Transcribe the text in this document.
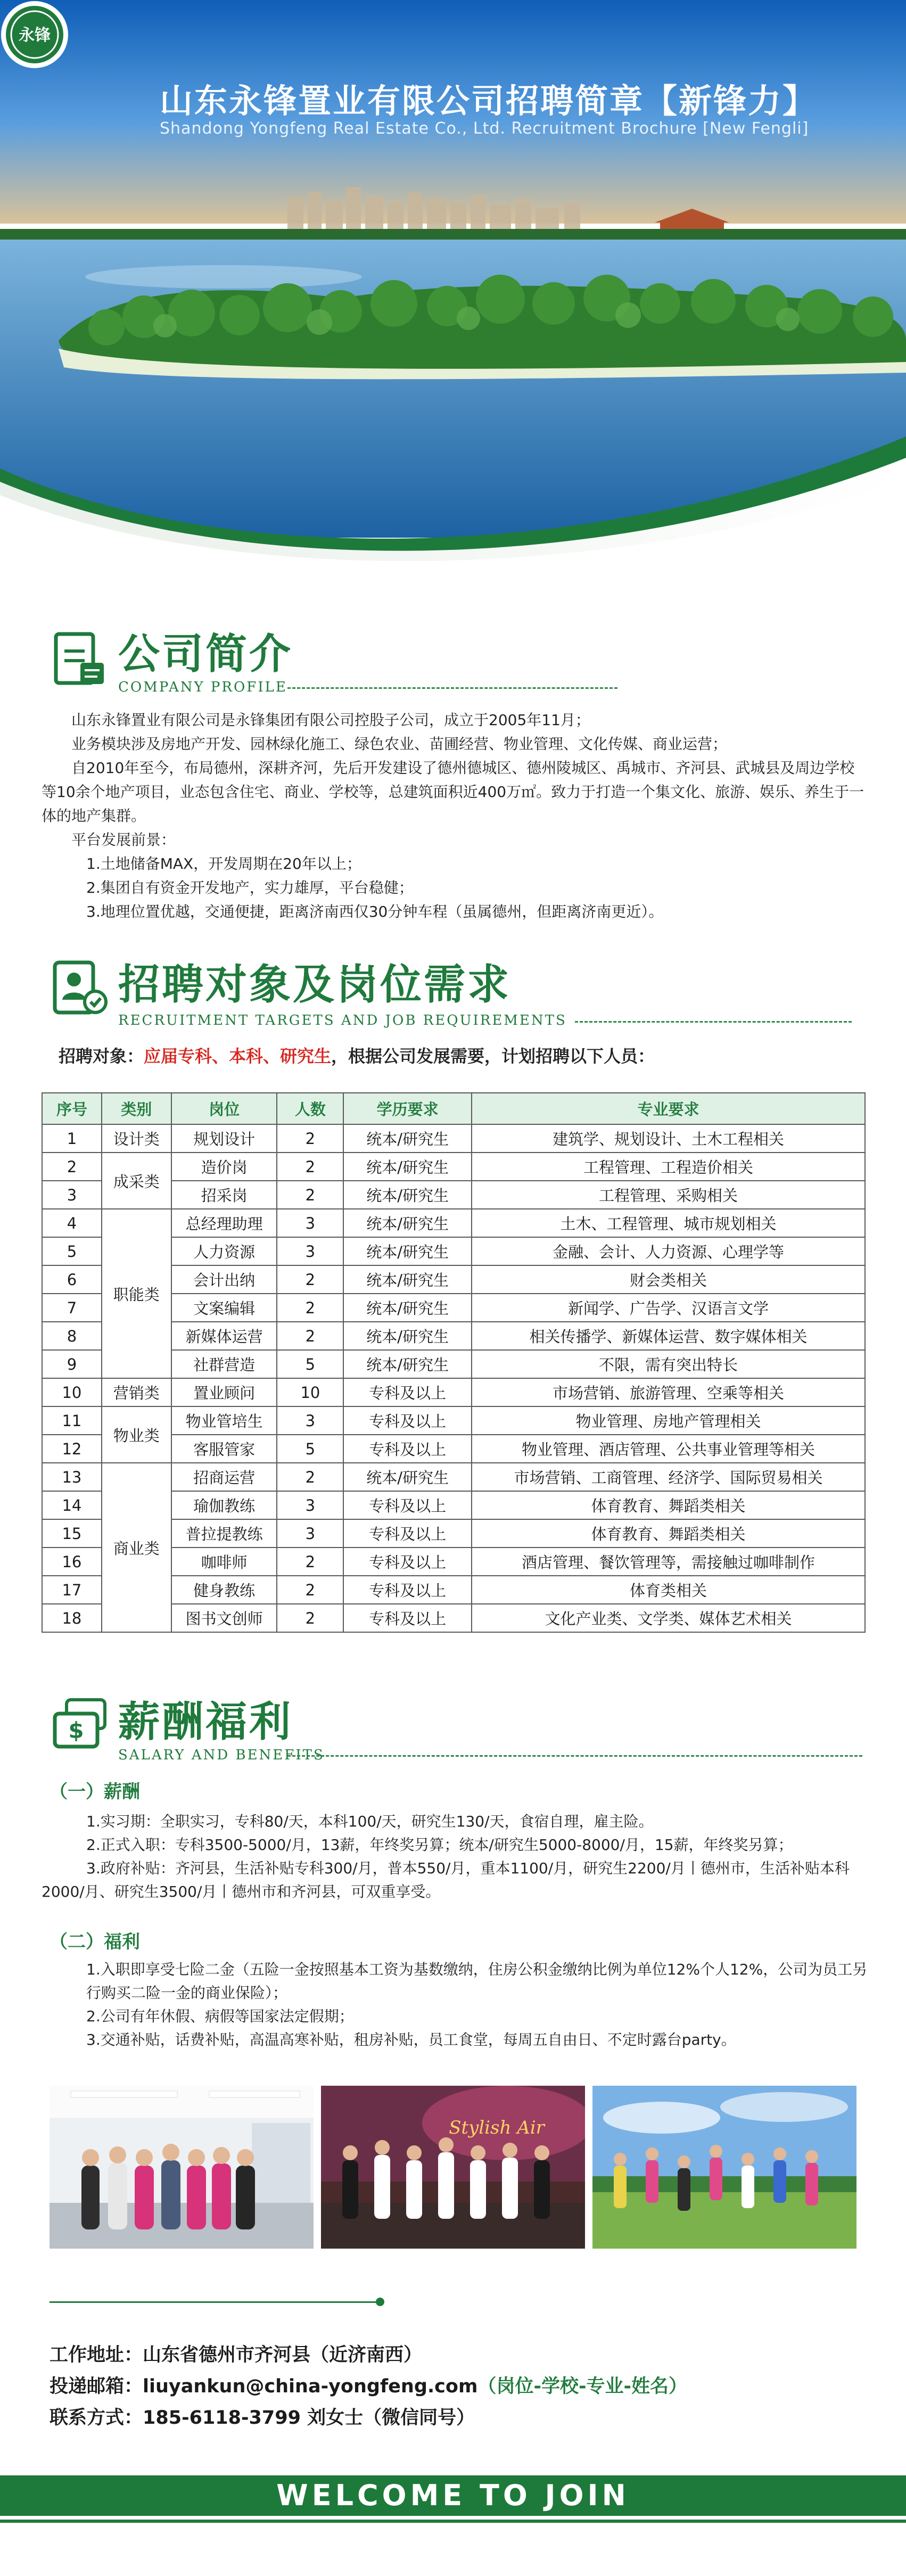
永锋
山东永锋置业有限公司招聘简章【新锋力】
Shandong Yongfeng Real Estate Co., Ltd. Recruitment Brochure [New Fengli]
公司简介
COMPANY PROFILE

山东永锋置业有限公司是永锋集团有限公司控股子公司，成立于2005年11月；

业务模块涉及房地产开发、园林绿化施工、绿色农业、苗圃经营、物业管理、文化传媒、商业运营；

自2010年至今，布局德州，深耕齐河，先后开发建设了德州德城区、德州陵城区、禹城市、齐河县、武城县及周边学校等10余个地产项目，业态包含住宅、商业、学校等，总建筑面积近400万㎡。致力于打造一个集文化、旅游、娱乐、养生于一体的地产集群。

平台发展前景：

1.土地储备MAX，开发周期在20年以上；

2.集团自有资金开发地产，实力雄厚，平台稳健；

3.地理位置优越，交通便捷，距离济南西仅30分钟车程（虽属德州，但距离济南更近）。

招聘对象及岗位需求
RECRUITMENT TARGETS AND JOB REQUIREMENTS
招聘对象：应届专科、本科、研究生，根据公司发展需要，计划招聘以下人员：
序号	类别	岗位	人数	学历要求	专业要求
1	设计类	规划设计	2	统本/研究生	建筑学、规划设计、土木工程相关
2	成采类	造价岗	2	统本/研究生	工程管理、工程造价相关
3		招采岗	2	统本/研究生	工程管理、采购相关
4	职能类	总经理助理	3	统本/研究生	土木、工程管理、城市规划相关
5		人力资源	3	统本/研究生	金融、会计、人力资源、心理学等
6		会计出纳	2	统本/研究生	财会类相关
7		文案编辑	2	统本/研究生	新闻学、广告学、汉语言文学
8		新媒体运营	2	统本/研究生	相关传播学、新媒体运营、数字媒体相关
9		社群营造	5	统本/研究生	不限，需有突出特长
10	营销类	置业顾问	10	专科及以上	市场营销、旅游管理、空乘等相关
11	物业类	物业管培生	3	专科及以上	物业管理、房地产管理相关
12		客服管家	5	专科及以上	物业管理、酒店管理、公共事业管理等相关
13	商业类	招商运营	2	统本/研究生	市场营销、工商管理、经济学、国际贸易相关
14		瑜伽教练	3	专科及以上	体育教育、舞蹈类相关
15		普拉提教练	3	专科及以上	体育教育、舞蹈类相关
16		咖啡师	2	专科及以上	酒店管理、餐饮管理等，需接触过咖啡制作
17		健身教练	2	专科及以上	体育类相关
18		图书文创师	2	专科及以上	文化产业类、文学类、媒体艺术相关
$ 薪酬福利
SALARY AND BENEFITS
（一）薪酬

1.实习期：全职实习，专科80/天，本科100/天，研究生130/天，食宿自理，雇主险。

2.正式入职：专科3500-5000/月，13薪，年终奖另算；统本/研究生5000-8000/月，15薪，年终奖另算；

3.政府补贴：齐河县，生活补贴专科300/月，普本550/月，重本1100/月，研究生2200/月丨德州市，生活补贴本科2000/月、研究生3500/月丨德州市和齐河县，可双重享受。

（二）福利

1.入职即享受七险二金（五险一金按照基本工资为基数缴纳，住房公积金缴纳比例为单位12%个人12%，公司为员工另行购买二险一金的商业保险）；

2.公司有年休假、病假等国家法定假期；

3.交通补贴，话费补贴，高温高寒补贴，租房补贴，员工食堂，每周五自由日、不定时露台party。

Stylish Air
工作地址：山东省德州市齐河县（近济南西）
投递邮箱：liuyankun@china-yongfeng.com（岗位-学校-专业-姓名）
联系方式：185-6118-3799 刘女士（微信同号）
WELCOME TO JOIN
